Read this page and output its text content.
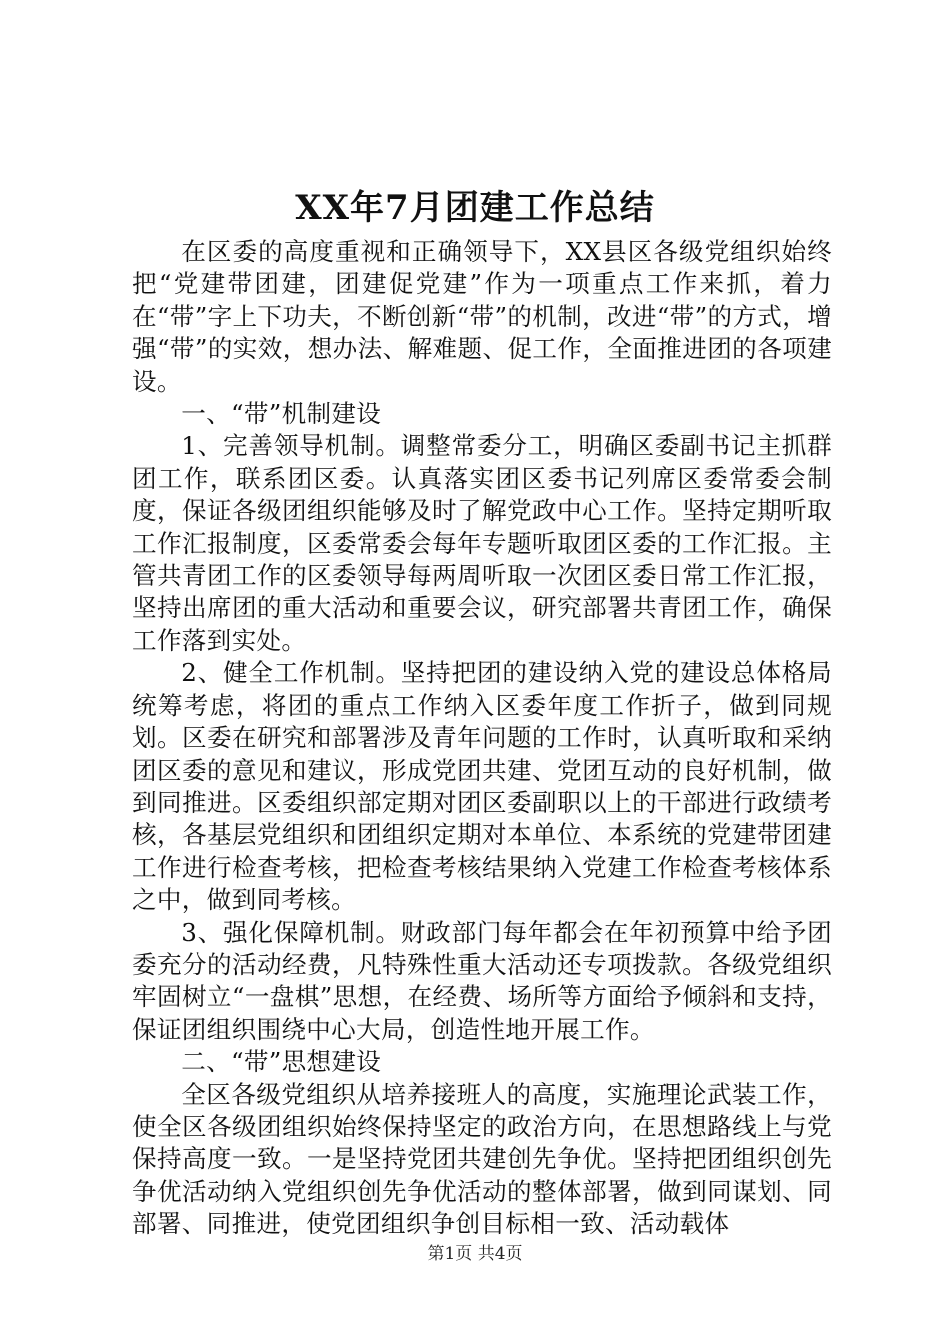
XX年7月团建工作总结

在区委的高度重视和正确领导下，XX县区各级党组织始终把“党建带团建，团建促党建”作为一项重点工作来抓，着力在“带”字上下功夫，不断创新“带”的机制，改进“带”的方式，增强“带”的实效，想办法、解难题、促工作，全面推进团的各项建设。

一、“带”机制建设

1、完善领导机制。调整常委分工，明确区委副书记主抓群团工作，联系团区委。认真落实团区委书记列席区委常委会制度，保证各级团组织能够及时了解党政中心工作。坚持定期听取工作汇报制度，区委常委会每年专题听取团区委的工作汇报。主管共青团工作的区委领导每两周听取一次团区委日常工作汇报，坚持出席团的重大活动和重要会议，研究部署共青团工作，确保工作落到实处。

2、健全工作机制。坚持把团的建设纳入党的建设总体格局统筹考虑，将团的重点工作纳入区委年度工作折子，做到同规划。区委在研究和部署涉及青年问题的工作时，认真听取和采纳团区委的意见和建议，形成党团共建、党团互动的良好机制，做到同推进。区委组织部定期对团区委副职以上的干部进行政绩考核，各基层党组织和团组织定期对本单位、本系统的党建带团建工作进行检查考核，把检查考核结果纳入党建工作检查考核体系之中，做到同考核。

3、强化保障机制。财政部门每年都会在年初预算中给予团委充分的活动经费，凡特殊性重大活动还专项拨款。各级党组织牢固树立“一盘棋”思想，在经费、场所等方面给予倾斜和支持，保证团组织围绕中心大局，创造性地开展工作。

二、“带”思想建设

全区各级党组织从培养接班人的高度，实施理论武装工作，使全区各级团组织始终保持坚定的政治方向，在思想路线上与党保持高度一致。一是坚持党团共建创先争优。坚持把团组织创先争优活动纳入党组织创先争优活动的整体部署，做到同谋划、同部署、同推进，使党团组织争创目标相一致、活动载体

第1页 共4页
